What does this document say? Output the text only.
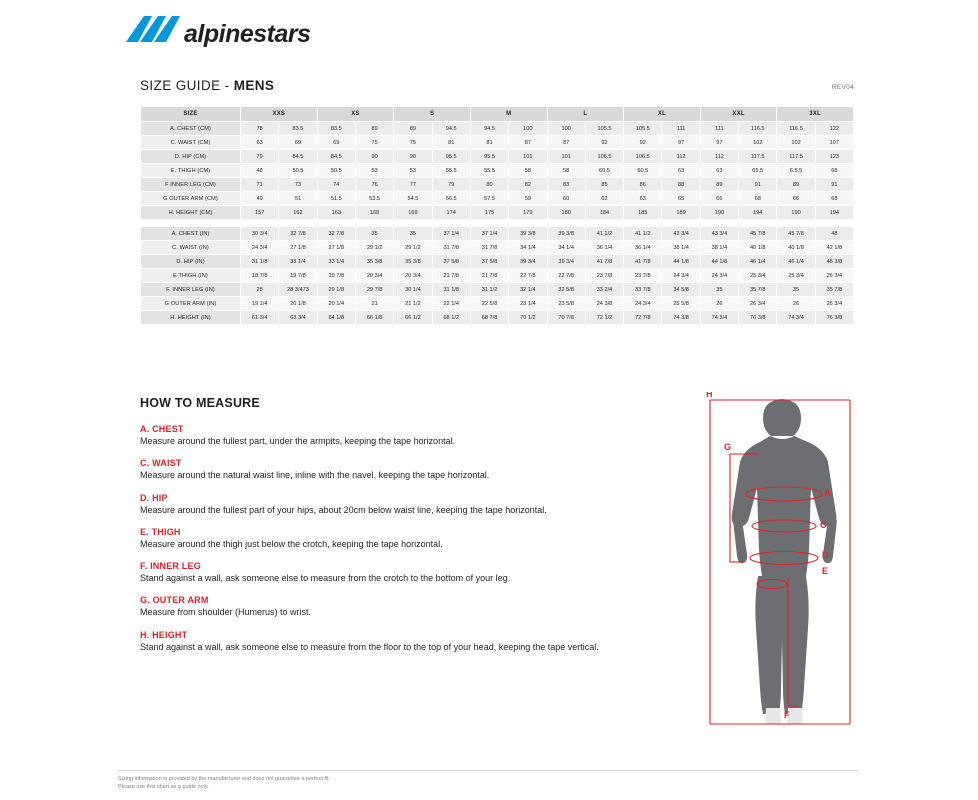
alpinestars
SIZE GUIDE - MENS	REV04
SIZE	XXS		XS		S		M		L		XL		XXL		3XL	
A. CHEST (CM)	78	83.5	83.5	89	89	94.5	94.5	100	100	105.5	105.5	111	111	116.5	116.5	122
C. WAIST (CM)	63	69	69	75	75	81	81	87	87	92	92	97	97	102	102	107
D. HIP (CM)	79	84.5	84.5	90	90	95.5	95.5	101	101	106.5	106.5	112	112	117.5	117.5	123
E. THIGH (CM)	48	50.5	50.5	53	53	55.5	55.5	58	58	60.5	60.5	63	63	65.5	6.5.5	68
F INNER LEG (CM)	71	73	74	76	77	79	80	82	83	85	86	88	89	91	89	91
G OUTER ARM (CM)	49	51	51.5	53.5	54.5	56.5	57.5	59	60	62	63	65	66	68	66	68
H. HEIGHT (CM)	157	162	163	168	169	174	175	179	180	184	185	189	190	194	190	194

A. CHEST (IN)	30 3/4	32 7/8	32 7/8	35	35	37 1/4	37 1/4	39 3/8	39 3/8	41 1/2	41 1/2	43 3/4	43 3/4	45 7/8	45 7/8	48
C. WAIST (IN)	24 3/4	27 1/8	27 1/8	29 1/2	29 1/2	31 7/8	31 7/8	34 1/4	34 1/4	36 1/4	36 1/4	38 1/4	38 1/4	40 1/8	40 1/8	42 1/8
D. HIP (IN)	31 1/8	33 1/4	33 1/4	35 3/8	35 3/8	37 5/8	37 5/8	39 3/4	39 3/4	41 7/8	41 7/8	44 1/8	44 1/8	46 1/4	46 1/4	48 3/8
E THIGH (IN)	18 7/8	19 7/8	19 7/8	20 3/4	20 3/4	21 7/8	21 7/8	22 7/8	22 7/8	23 7/8	23 7/8	24 3/4	24 3/4	25 3/4	25 3/4	26 3/4
F. INNER LEG (IN)	28	28 3/473	29 1/8	29 7/8	30 1/4	31 1/8	31 1/2	32 1/4	32 5/8	33 2/4	33 7/8	34 5/8	35	35 7/8	35	35 7/8
G OUTER ARM (IN)	19 1/4	20 1/8	20 1/4	21	21 1/2	22 1/4	22 5/8	23 1/4	23 5/8	24 3/8	24 3/4	25 5/8	26	26 3/4	26	26 3/4
H. HEIGHT (IN)	61 3/4	63 3/4	64 1/8	66 1/8	66 1/2	68 1/2	68 7/8	70 1/2	70 7/8	72 1/2	72 7/8	74 3/8	74 3/4	76 3/8	74 3/4	76 3/8
HOW TO MEASURE
A. CHEST

Measure around the fullest part, under the armpits, keeping the tape horizontal.

C. WAIST

Measure around the natural waist line, inline with the navel, keeping the tape horizontal.

D. HIP

Measure around the fullest part of your hips, about 20cm below waist line, keeping the tape horizontal.

E. THIGH

Measure around the thigh just below the crotch, keeping the tape horizontal.

F. INNER LEG

Stand against a wall, ask someone else to measure from the crotch to the bottom of your leg.

G. OUTER ARM

Measure from shoulder (Humerus) to wrist.

H. HEIGHT

Stand against a wall, ask someone else to measure from the floor to the top of your head, keeping the tape vertical.

H
G
A
C
D
E
F
Sizing information is provided by the manufacturer and does not guarantee a perfect fit.
Please use this chart as a guide only.
